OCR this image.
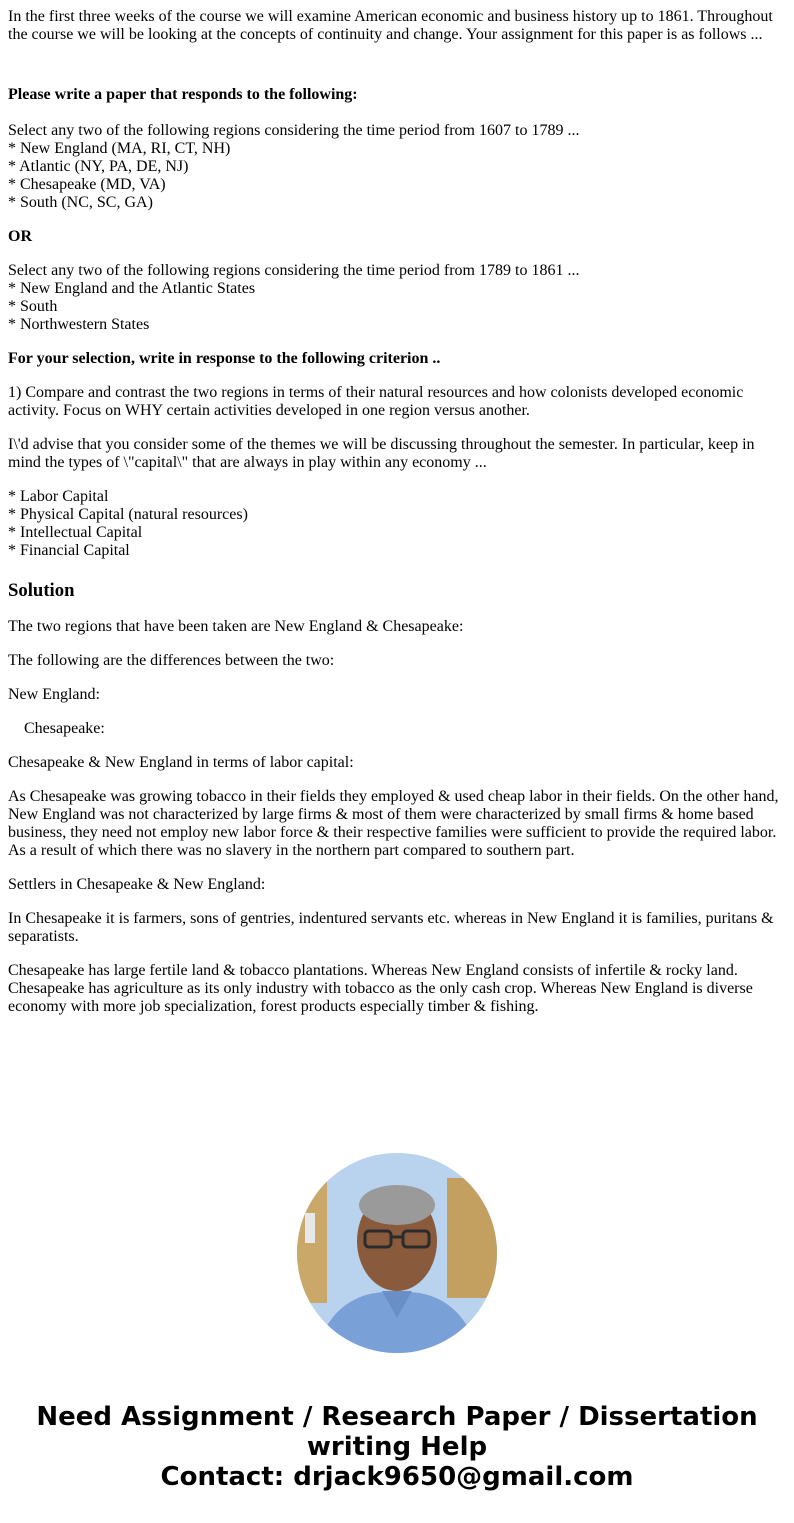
In the first three weeks of the course we will examine American economic and business history up to 1861. Throughout the course we will be looking at the concepts of continuity and change. Your assignment for this paper is as follows ...

Please write a paper that responds to the following:

Select any two of the following regions considering the time period from 1607 to 1789 ...
* New England (MA, RI, CT, NH)
* Atlantic (NY, PA, DE, NJ)
* Chesapeake (MD, VA)
* South (NC, SC, GA)

OR

Select any two of the following regions considering the time period from 1789 to 1861 ...
* New England and the Atlantic States
* South
* Northwestern States

For your selection, write in response to the following criterion ..

1) Compare and contrast the two regions in terms of their natural resources and how colonists developed economic activity. Focus on WHY certain activities developed in one region versus another.

I\'d advise that you consider some of the themes we will be discussing throughout the semester. In particular, keep in mind the types of \"capital\" that are always in play within any economy ...

* Labor Capital
* Physical Capital (natural resources)
* Intellectual Capital
* Financial Capital
Solution

The two regions that have been taken are New England & Chesapeake:

The following are the differences between the two:

New England:

Chesapeake:

Chesapeake & New England in terms of labor capital:

As Chesapeake was growing tobacco in their fields they employed & used cheap labor in their fields. On the other hand, New England was not characterized by large firms & most of them were characterized by small firms & home based business, they need not employ new labor force & their respective families were sufficient to provide the required labor. As a result of which there was no slavery in the northern part compared to southern part.

Settlers in Chesapeake & New England:

In Chesapeake it is farmers, sons of gentries, indentured servants etc. whereas in New England it is families, puritans & separatists.

Chesapeake has large fertile land & tobacco plantations. Whereas New England consists of infertile & rocky land. Chesapeake has agriculture as its only industry with tobacco as the only cash crop. Whereas New England is diverse economy with more job specialization, forest products especially timber & fishing.

Need Assignment / Research Paper / Dissertation
writing Help
Contact: drjack9650@gmail.com
